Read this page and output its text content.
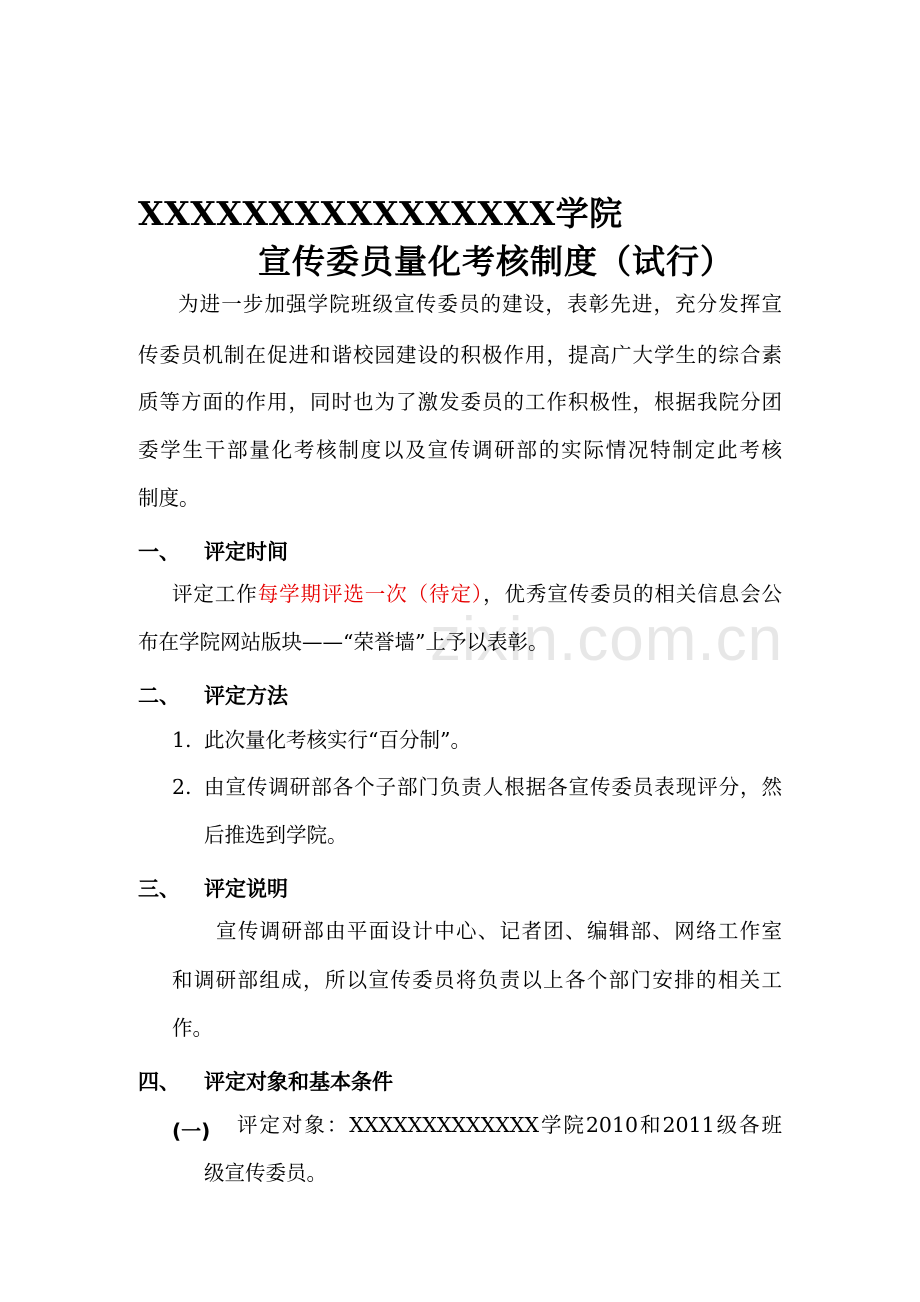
zixin.com.cn
XXXXXXXXXXXXXXXX学院
宣传委员量化考核制度（试行）
为进一步加强学院班级宣传委员的建设，表彰先进，充分发挥宣
传委员机制在促进和谐校园建设的积极作用，提高广大学生的综合素
质等方面的作用，同时也为了激发委员的工作积极性，根据我院分团
委学生干部量化考核制度以及宣传调研部的实际情况特制定此考核
制度。
一、 评定时间
评定工作每学期评选一次（待定），优秀宣传委员的相关信息会公
布在学院网站版块——“荣誉墙”上予以表彰。
二、 评定方法
1. 此次量化考核实行“百分制”。
2. 由宣传调研部各个子部门负责人根据各宣传委员表现评分，然
后推选到学院。
三、 评定说明
宣传调研部由平面设计中心、记者团、编辑部、网络工作室
和调研部组成，所以宣传委员将负责以上各个部门安排的相关工
作。
四、 评定对象和基本条件
(一) 评定对象：XXXXXXXXXXXXX学院2010和2011级各班
级宣传委员。
